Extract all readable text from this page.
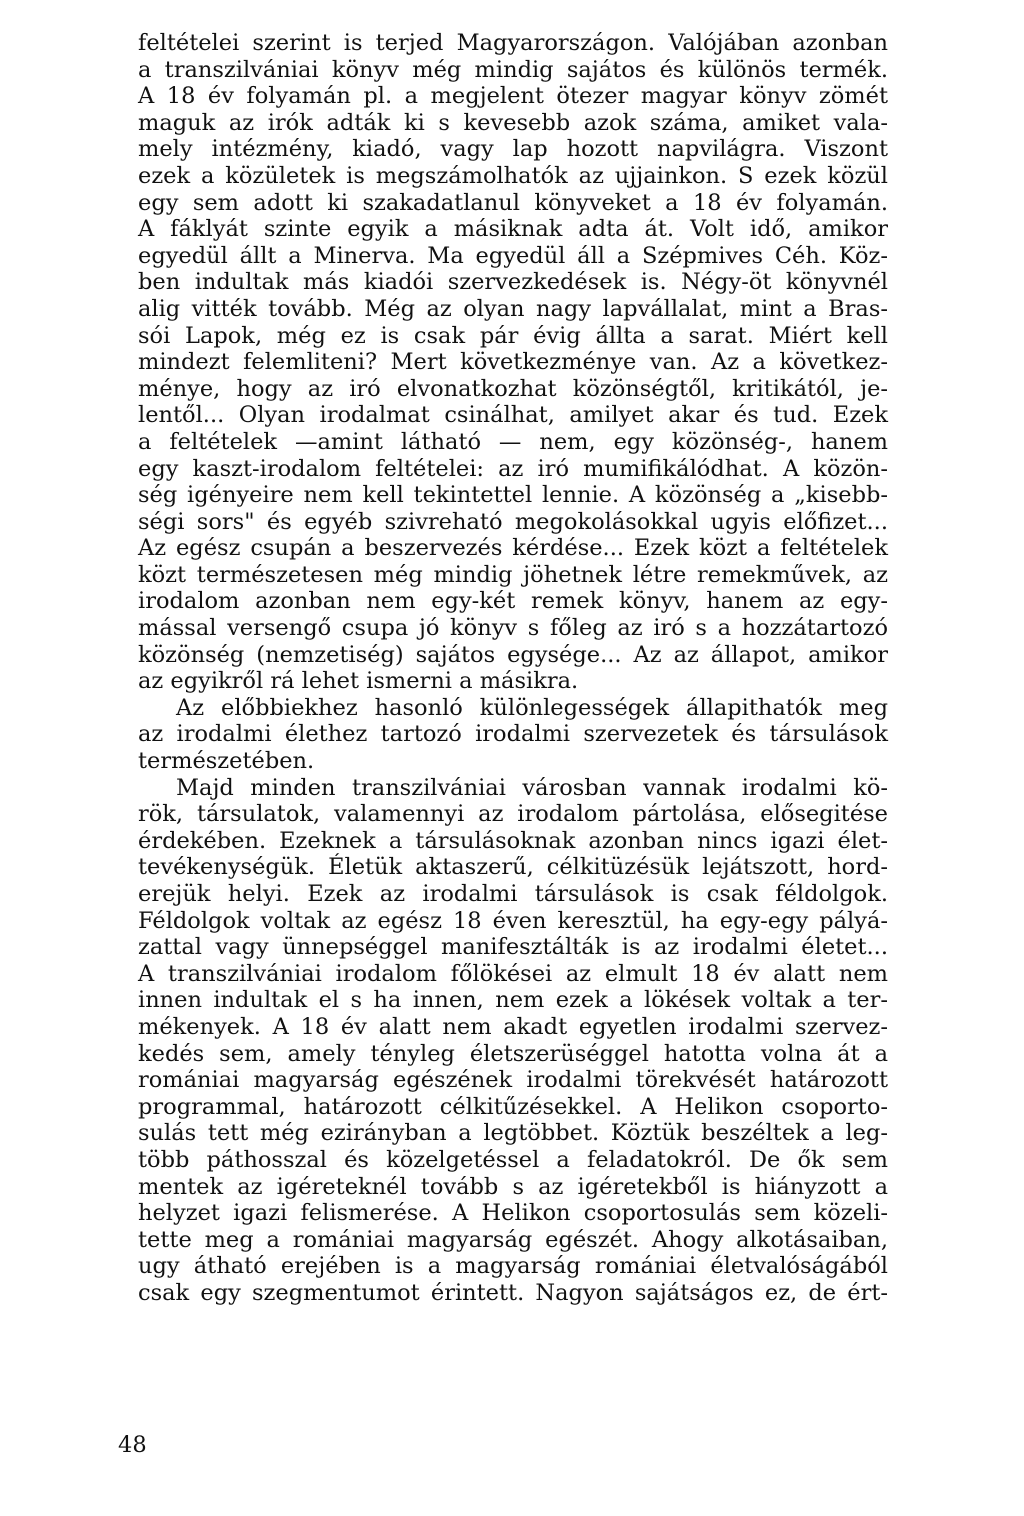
feltételei szerint is terjed Magyarországon. Valójában azonban
a transzilvániai könyv még mindig sajátos és különös termék.
A 18 év folyamán pl. a megjelent ötezer magyar könyv zömét
maguk az irók adták ki s kevesebb azok száma, amiket vala-
mely intézmény, kiadó, vagy lap hozott napvilágra. Viszont
ezek a közületek is megszámolhatók az ujjainkon. S ezek közül
egy sem adott ki szakadatlanul könyveket a 18 év folyamán.
A fáklyát szinte egyik a másiknak adta át. Volt idő, amikor
egyedül állt a Minerva. Ma egyedül áll a Szépmives Céh. Köz-
ben indultak más kiadói szervezkedések is. Négy-öt könyvnél
alig vitték tovább. Még az olyan nagy lapvállalat, mint a Bras-
sói Lapok, még ez is csak pár évig állta a sarat. Miért kell
mindezt felemliteni? Mert következménye van. Az a következ-
ménye, hogy az iró elvonatkozhat közönségtől, kritikától, je-
lentől... Olyan irodalmat csinálhat, amilyet akar és tud. Ezek
a feltételek —amint látható — nem, egy közönség-, hanem
egy kaszt-irodalom feltételei: az iró mumifikálódhat. A közön-
ség igényeire nem kell tekintettel lennie. A közönség a „kisebb-
ségi sors" és egyéb szivreható megokolásokkal ugyis előfizet...
Az egész csupán a beszervezés kérdése... Ezek közt a feltételek
közt természetesen még mindig jöhetnek létre remekművek, az
irodalom azonban nem egy-két remek könyv, hanem az egy-
mással versengő csupa jó könyv s főleg az iró s a hozzátartozó
közönség (nemzetiség) sajátos egysége... Az az állapot, amikor
az egyikről rá lehet ismerni a másikra.
Az előbbiekhez hasonló különlegességek állapithatók meg
az irodalmi élethez tartozó irodalmi szervezetek és társulások
természetében.
Majd minden transzilvániai városban vannak irodalmi kö-
rök, társulatok, valamennyi az irodalom pártolása, elősegitése
érdekében. Ezeknek a társulásoknak azonban nincs igazi élet-
tevékenységük. Életük aktaszerű, célkitüzésük lejátszott, hord-
erejük helyi. Ezek az irodalmi társulások is csak féldolgok.
Féldolgok voltak az egész 18 éven keresztül, ha egy-egy pályá-
zattal vagy ünnepséggel manifesztálták is az irodalmi életet...
A transzilvániai irodalom főlökései az elmult 18 év alatt nem
innen indultak el s ha innen, nem ezek a lökések voltak a ter-
mékenyek. A 18 év alatt nem akadt egyetlen irodalmi szervez-
kedés sem, amely tényleg életszerüséggel hatotta volna át a
romániai magyarság egészének irodalmi törekvését határozott
programmal, határozott célkitűzésekkel. A Helikon csoporto-
sulás tett még ezirányban a legtöbbet. Köztük beszéltek a leg-
több páthosszal és közelgetéssel a feladatokról. De ők sem
mentek az igéreteknél tovább s az igéretekből is hiányzott a
helyzet igazi felismerése. A Helikon csoportosulás sem közeli-
tette meg a romániai magyarság egészét. Ahogy alkotásaiban,
ugy átható erejében is a magyarság romániai életvalóságából
csak egy szegmentumot érintett. Nagyon sajátságos ez, de ért-
48
